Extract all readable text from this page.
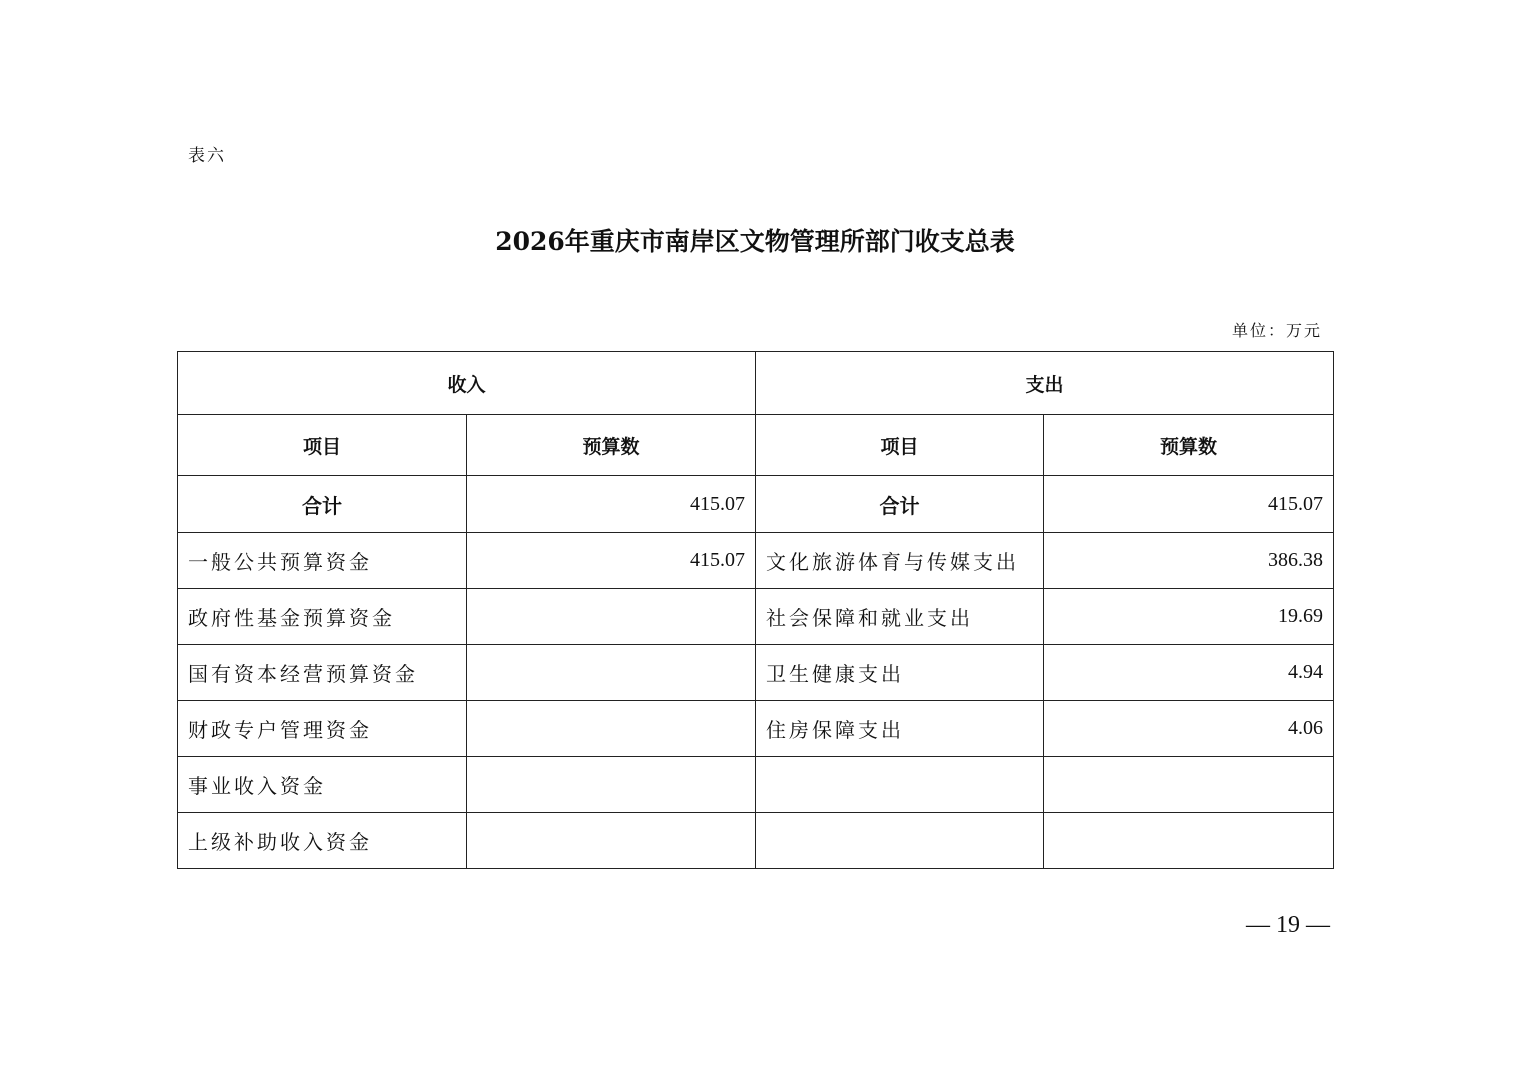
表六
2026年重庆市南岸区文物管理所部门收支总表
单位：万元
收入		支出	
项目	预算数	项目	预算数
合计	415.07	合计	415.07
一般公共预算资金	415.07	文化旅游体育与传媒支出	386.38
政府性基金预算资金		社会保障和就业支出	19.69
国有资本经营预算资金		卫生健康支出	4.94
财政专户管理资金		住房保障支出	4.06
事业收入资金			
上级补助收入资金			
— 19 —
